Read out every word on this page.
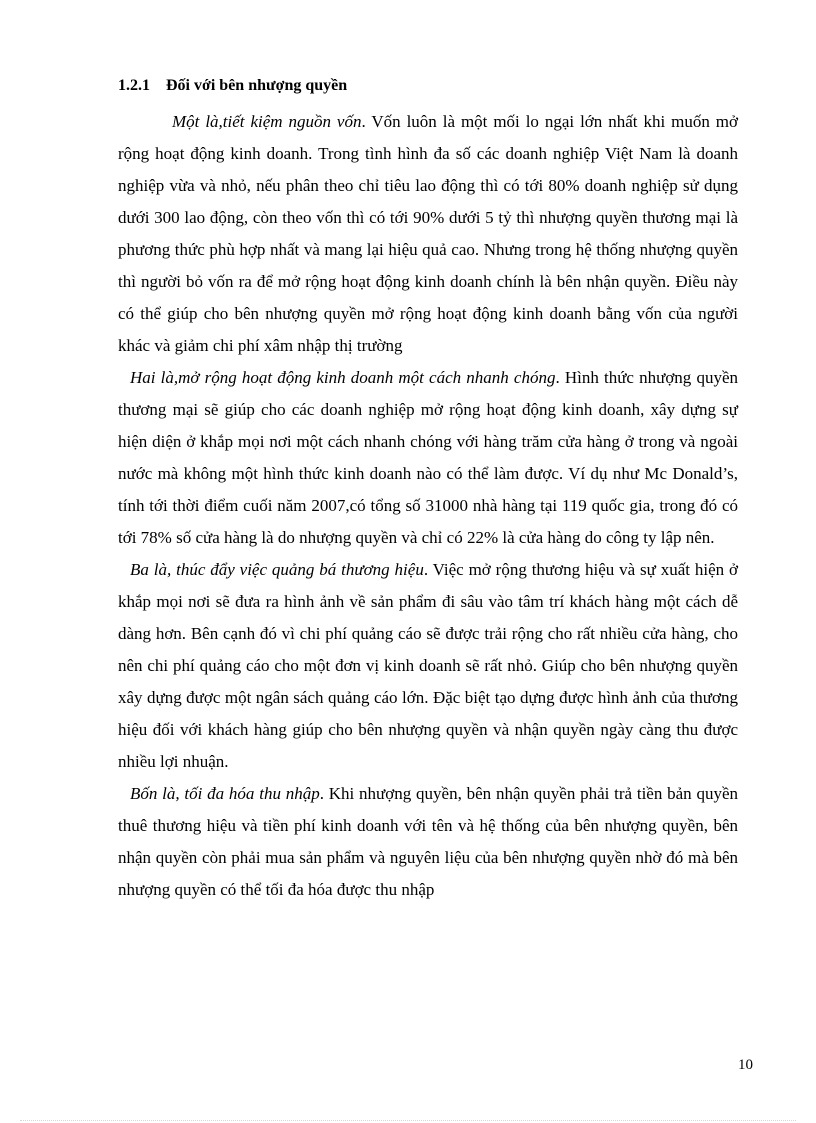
1.2.1 Đối với bên nhượng quyền

Một là,tiết kiệm nguồn vốn. Vốn luôn là một mối lo ngại lớn nhất khi muốn mở rộng hoạt động kinh doanh. Trong tình hình đa số các doanh nghiệp Việt Nam là doanh nghiệp vừa và nhỏ, nếu phân theo chỉ tiêu lao động thì có tới 80% doanh nghiệp sử dụng dưới 300 lao động, còn theo vốn thì có tới 90% dưới 5 tỷ thì nhượng quyền thương mại là phương thức phù hợp nhất và mang lại hiệu quả cao. Nhưng trong hệ thống nhượng quyền thì người bỏ vốn ra để mở rộng hoạt động kinh doanh chính là bên nhận quyền. Điều này có thể giúp cho bên nhượng quyền mở rộng hoạt động kinh doanh bằng vốn của người khác và giảm chi phí xâm nhập thị trường

Hai là,mở rộng hoạt động kinh doanh một cách nhanh chóng. Hình thức nhượng quyền thương mại sẽ giúp cho các doanh nghiệp mở rộng hoạt động kinh doanh, xây dựng sự hiện diện ở khắp mọi nơi một cách nhanh chóng với hàng trăm cửa hàng ở trong và ngoài nước mà không một hình thức kinh doanh nào có thể làm được. Ví dụ như Mc Donald’s, tính tới thời điểm cuối năm 2007,có tổng số 31000 nhà hàng tại 119 quốc gia, trong đó có tới 78% số cửa hàng là do nhượng quyền và chỉ có 22% là cửa hàng do công ty lập nên.

Ba là, thúc đẩy việc quảng bá thương hiệu. Việc mở rộng thương hiệu và sự xuất hiện ở khắp mọi nơi sẽ đưa ra hình ảnh về sản phẩm đi sâu vào tâm trí khách hàng một cách dễ dàng hơn. Bên cạnh đó vì chi phí quảng cáo sẽ được trải rộng cho rất nhiều cửa hàng, cho nên chi phí quảng cáo cho một đơn vị kinh doanh sẽ rất nhỏ. Giúp cho bên nhượng quyền xây dựng được một ngân sách quảng cáo lớn. Đặc biệt tạo dựng được hình ảnh của thương hiệu đối với khách hàng giúp cho bên nhượng quyền và nhận quyền ngày càng thu được nhiều lợi nhuận.

Bốn là, tối đa hóa thu nhập. Khi nhượng quyền, bên nhận quyền phải trả tiền bản quyền thuê thương hiệu và tiền phí kinh doanh với tên và hệ thống của bên nhượng quyền, bên nhận quyền còn phải mua sản phẩm và nguyên liệu của bên nhượng quyền nhờ đó mà bên nhượng quyền có thể tối đa hóa được thu nhập

10
